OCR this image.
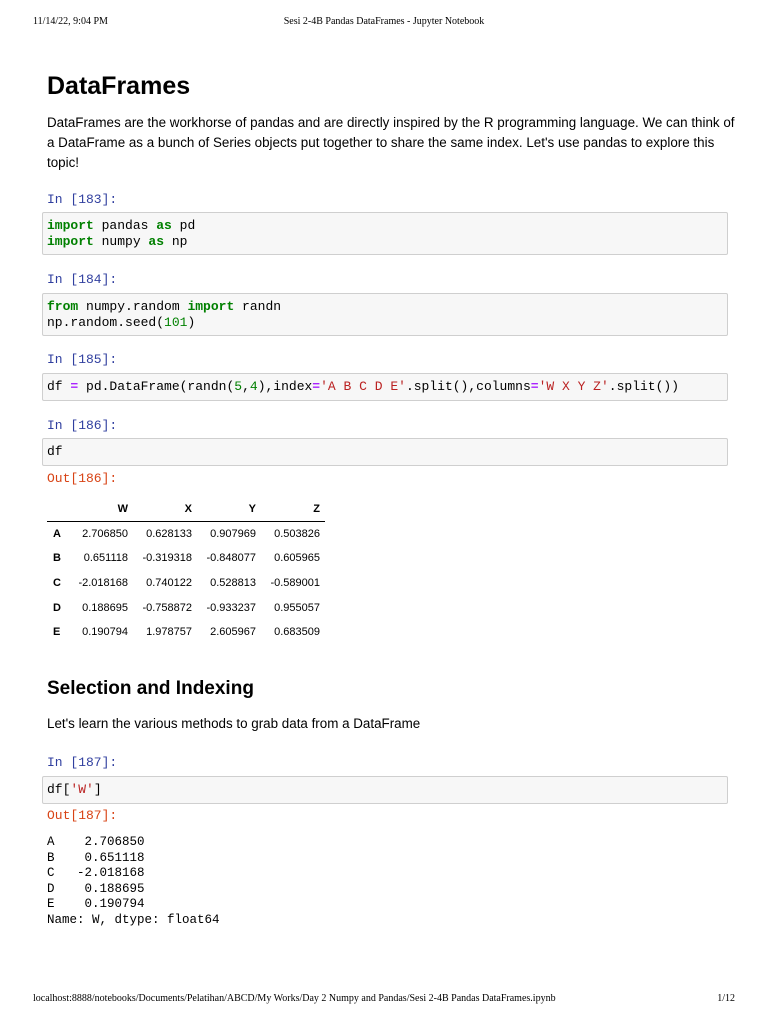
11/14/22, 9:04 PM	Sesi 2-4B Pandas DataFrames - Jupyter Notebook
DataFrames
DataFrames are the workhorse of pandas and are directly inspired by the R programming language. We can think of a DataFrame as a bunch of Series objects put together to share the same index. Let's use pandas to explore this topic!
In [183]:
import pandas as pd
import numpy as np
In [184]:
from numpy.random import randn
np.random.seed(101)
In [185]:
df = pd.DataFrame(randn(5,4),index='A B C D E'.split(),columns='W X Y Z'.split())
In [186]:
df
Out[186]:
	W	X	Y	Z
A	2.706850	0.628133	0.907969	0.503826
B	0.651118	-0.319318	-0.848077	0.605965
C	-2.018168	0.740122	0.528813	-0.589001
D	0.188695	-0.758872	-0.933237	0.955057
E	0.190794	1.978757	2.605967	0.683509
Selection and Indexing
Let's learn the various methods to grab data from a DataFrame
In [187]:
df['W']
Out[187]:
A    2.706850
B    0.651118
C   -2.018168
D    0.188695
E    0.190794
Name: W, dtype: float64
localhost:8888/notebooks/Documents/Pelatihan/ABCD/My Works/Day 2 Numpy and Pandas/Sesi 2-4B Pandas DataFrames.ipynb	1/12
